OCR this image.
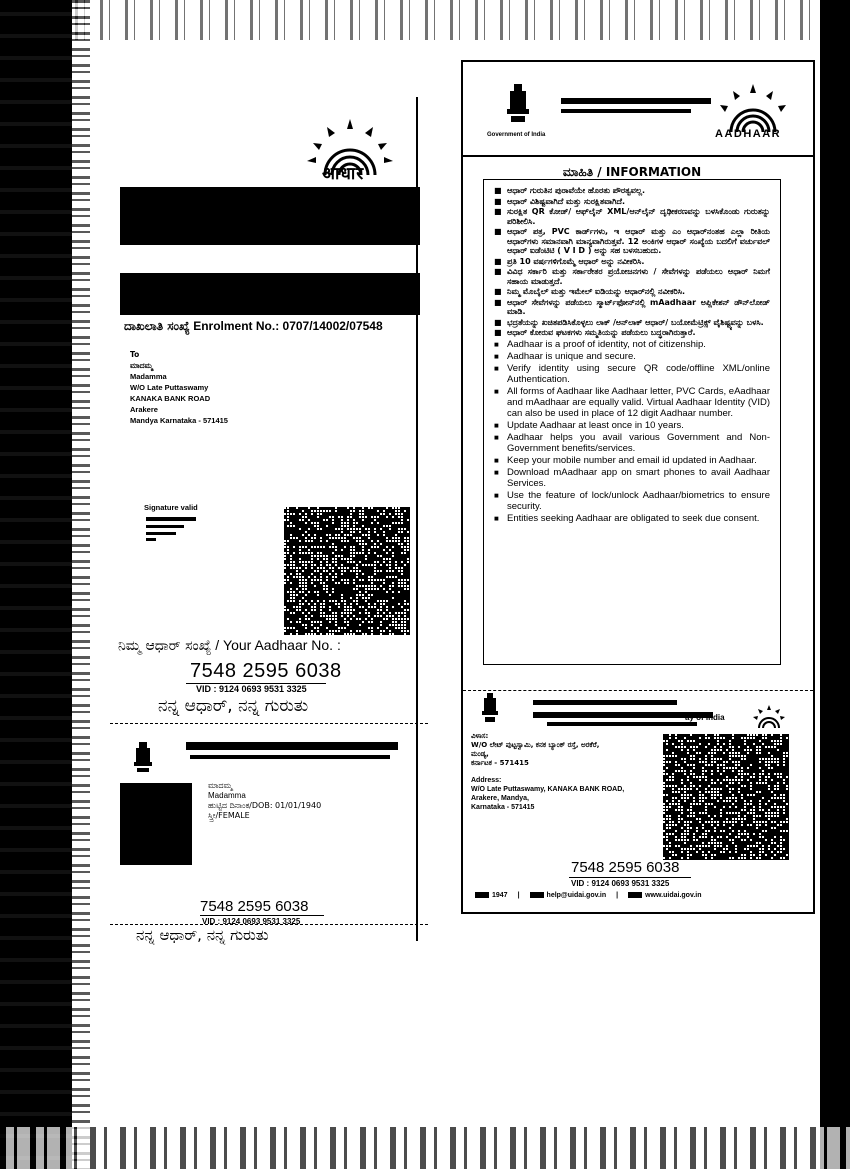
आधार
ದಾಖಲಾತಿ ಸಂಖ್ಯೆ Enrolment No.: 0707/14002/07548
To
ಮಾದಮ್ಮ
Madamma
W/O Late Puttaswamy
KANAKA BANK ROAD
Arakere
Mandya Karnataka - 571415
Signature valid
ನಿಮ್ಮ ಆಧಾರ್ ಸಂಖ್ಯೆ / Your Aadhaar No. :
7548 2595 6038
VID : 9124 0693 9531 3325
ನನ್ನ ಆಧಾರ್, ನನ್ನ ಗುರುತು
ಮಾದಮ್ಮ
Madamma
ಹುಟ್ಟಿದ ದಿನಾಂಕ/DOB: 01/01/1940
ಸ್ತ್ರೀ/FEMALE
7548 2595 6038
VID : 9124 0693 9531 3325
ನನ್ನ ಆಧಾರ್, ನನ್ನ ಗುರುತು
Government of India	AADHAAR
ಮಾಹಿತಿ / INFORMATION
■ ಆಧಾರ್ ಗುರುತಿನ ಪುರಾವೆಯೇ ಹೊರತು ಪೌರತ್ವವಲ್ಲ.
■ ಆಧಾರ್ ವಿಶಿಷ್ಟವಾಗಿದೆ ಮತ್ತು ಸುರಕ್ಷಿತವಾಗಿದೆ.
■ ಸುರಕ್ಷಿತ QR ಕೋಡ್/ ಆಫ್‌ಲೈನ್ XML/ಆನ್‌ಲೈನ್ ದೃಢೀಕರಣವನ್ನು ಬಳಸಿಕೊಂಡು ಗುರುತನ್ನು ಪರಿಶೀಲಿಸಿ.
■ ಆಧಾರ್ ಪತ್ರ, PVC ಕಾರ್ಡ್‌ಗಳು, ಇ ಆಧಾರ್ ಮತ್ತು ಎಂ ಆಧಾರ್‌ನಂತಹ ಎಲ್ಲಾ ರೀತಿಯ ಆಧಾರ್‌ಗಳು ಸಮಾನವಾಗಿ ಮಾನ್ಯವಾಗಿರುತ್ತವೆ. 12 ಅಂಕಿಗಳ ಆಧಾರ್ ಸಂಖ್ಯೆಯ ಬದಲಿಗೆ ವರ್ಚುವಲ್ ಆಧಾರ್ ಐಡೆಂಟಿಟಿ ( V I D ) ಅನ್ನು ಸಹ ಬಳಸಬಹುದು.
■ ಪ್ರತಿ 10 ವರ್ಷಗಳಿಗೊಮ್ಮೆ ಆಧಾರ್ ಅನ್ನು ನವೀಕರಿಸಿ.
■ ವಿವಿಧ ಸರ್ಕಾರಿ ಮತ್ತು ಸರ್ಕಾರೇತರ ಪ್ರಯೋಜನಗಳು / ಸೇವೆಗಳನ್ನು ಪಡೆಯಲು ಆಧಾರ್ ನಿಮಗೆ ಸಹಾಯ ಮಾಡುತ್ತದೆ.
■ ನಿಮ್ಮ ಮೊಬೈಲ್ ಮತ್ತು ಇಮೇಲ್ ಐಡಿಯನ್ನು ಆಧಾರ್‌ನಲ್ಲಿ ನವೀಕರಿಸಿ.
■ ಆಧಾರ್ ಸೇವೆಗಳನ್ನು ಪಡೆಯಲು ಸ್ಮಾರ್ಟ್‌ಫೋನ್‌ನಲ್ಲಿ mAadhaar ಅಪ್ಲಿಕೇಶನ್ ಡೌನ್‌ಲೋಡ್ ಮಾಡಿ.
■ ಭದ್ರತೆಯನ್ನು ಖಚಿತಪಡಿಸಿಕೊಳ್ಳಲು ಲಾಕ್ /ಅನ್‌ಲಾಕ್ ಆಧಾರ್/ ಬಯೋಮೆಟ್ರಿಕ್ಸ್ ವೈಶಿಷ್ಟ್ಯವನ್ನು ಬಳಸಿ.
■ ಆಧಾರ್ ಕೋರುವ ಘಟಕಗಳು ಸಮ್ಮತಿಯನ್ನು ಪಡೆಯಲು ಬದ್ಧರಾಗಿರುತ್ತಾರೆ.
■ Aadhaar is a proof of identity, not of citizenship.
■ Aadhaar is unique and secure.
■ Verify identity using secure QR code/offline XML/online Authentication.
■ All forms of Aadhaar like Aadhaar letter, PVC Cards, eAadhaar and mAadhaar are equally valid. Virtual Aadhaar Identity (VID) can also be used in place of 12 digit Aadhaar number.
■ Update Aadhaar at least once in 10 years.
■ Aadhaar helps you avail various Government and Non-Government benefits/services.
■ Keep your mobile number and email id updated in Aadhaar.
■ Download mAadhaar app on smart phones to avail Aadhaar Services.
■ Use the feature of lock/unlock Aadhaar/biometrics to ensure security.
■ Entities seeking Aadhaar are obligated to seek due consent.
ay of India
ವಿಳಾಸ:
W/O ಲೇಟ್ ಪುಟ್ಟಸ್ವಾಮಿ, ಕನಕ ಬ್ಯಾಂಕ್ ರಸ್ತೆ, ಅರಕೆರೆ,
ಮಂಡ್ಯ,
ಕರ್ನಾಟಕ - 571415
Address:
W/O Late Puttaswamy, KANAKA BANK ROAD,
Arakere, Mandya,
Karnataka - 571415
7548 2595 6038
VID : 9124 0693 9531 3325
1947 |	help@uidai.gov.in |	www.uidai.gov.in
